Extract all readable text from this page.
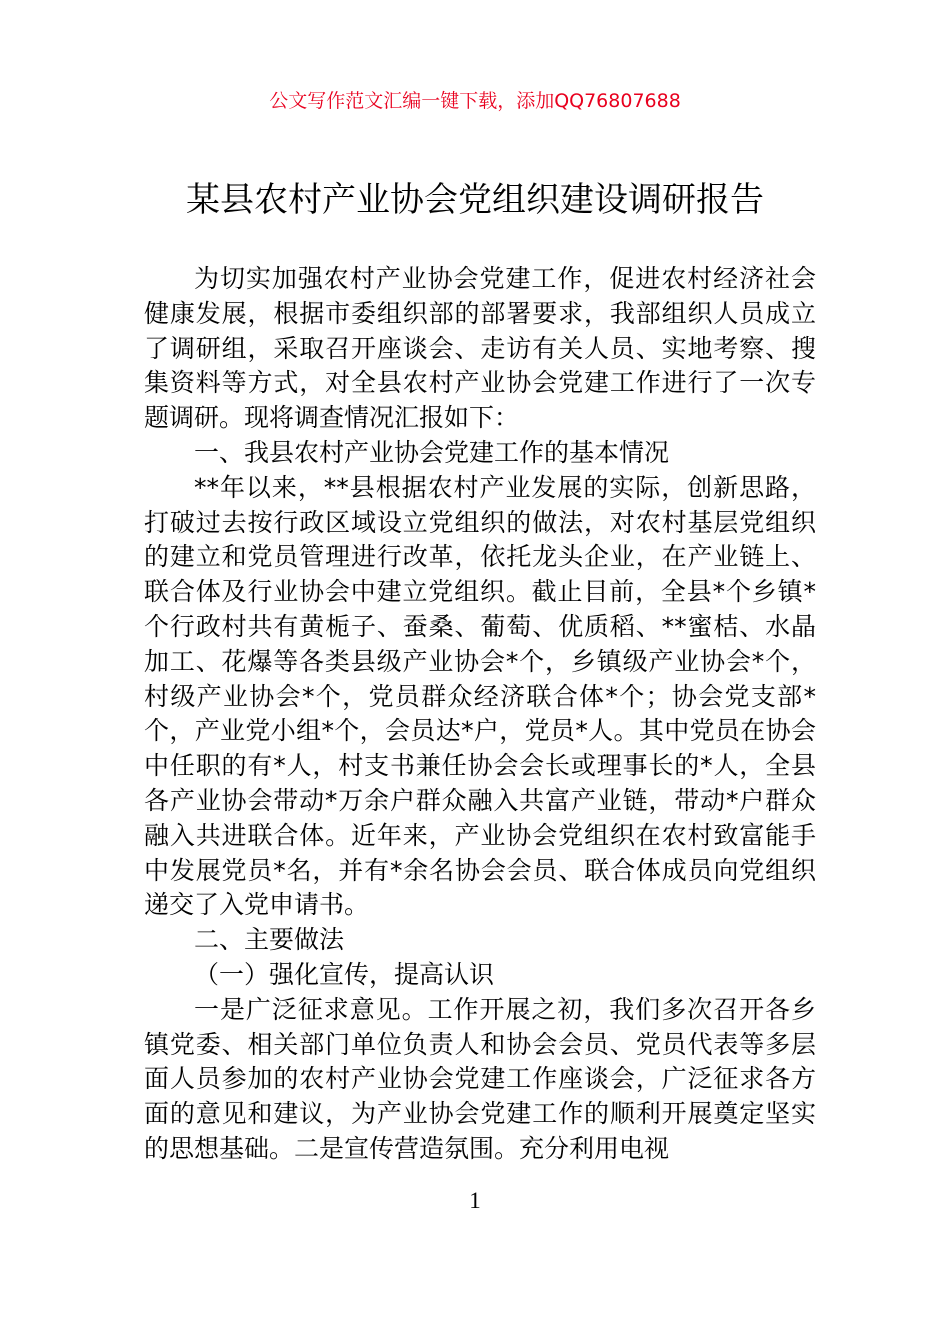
公文写作范文汇编一键下载，添加QQ76807688
某县农村产业协会党组织建设调研报告

为切实加强农村产业协会党建工作，促进农村经济社会健康发展，根据市委组织部的部署要求，我部组织人员成立了调研组，采取召开座谈会、走访有关人员、实地考察、搜集资料等方式，对全县农村产业协会党建工作进行了一次专题调研。现将调查情况汇报如下：

一、我县农村产业协会党建工作的基本情况

**年以来，**县根据农村产业发展的实际，创新思路，打破过去按行政区域设立党组织的做法，对农村基层党组织的建立和党员管理进行改革，依托龙头企业，在产业链上、联合体及行业协会中建立党组织。截止目前，全县*个乡镇*个行政村共有黄栀子、蚕桑、葡萄、优质稻、**蜜桔、水晶加工、花爆等各类县级产业协会*个，乡镇级产业协会*个，村级产业协会*个，党员群众经济联合体*个；协会党支部*个，产业党小组*个，会员达*户，党员*人。其中党员在协会中任职的有*人，村支书兼任协会会长或理事长的*人，全县各产业协会带动*万余户群众融入共富产业链，带动*户群众融入共进联合体。近年来，产业协会党组织在农村致富能手中发展党员*名，并有*余名协会会员、联合体成员向党组织递交了入党申请书。

二、主要做法

（一）强化宣传，提高认识

一是广泛征求意见。工作开展之初，我们多次召开各乡镇党委、相关部门单位负责人和协会会员、党员代表等多层面人员参加的农村产业协会党建工作座谈会，广泛征求各方面的意见和建议，为产业协会党建工作的顺利开展奠定坚实的思想基础。二是宣传营造氛围。充分利用电视

1
